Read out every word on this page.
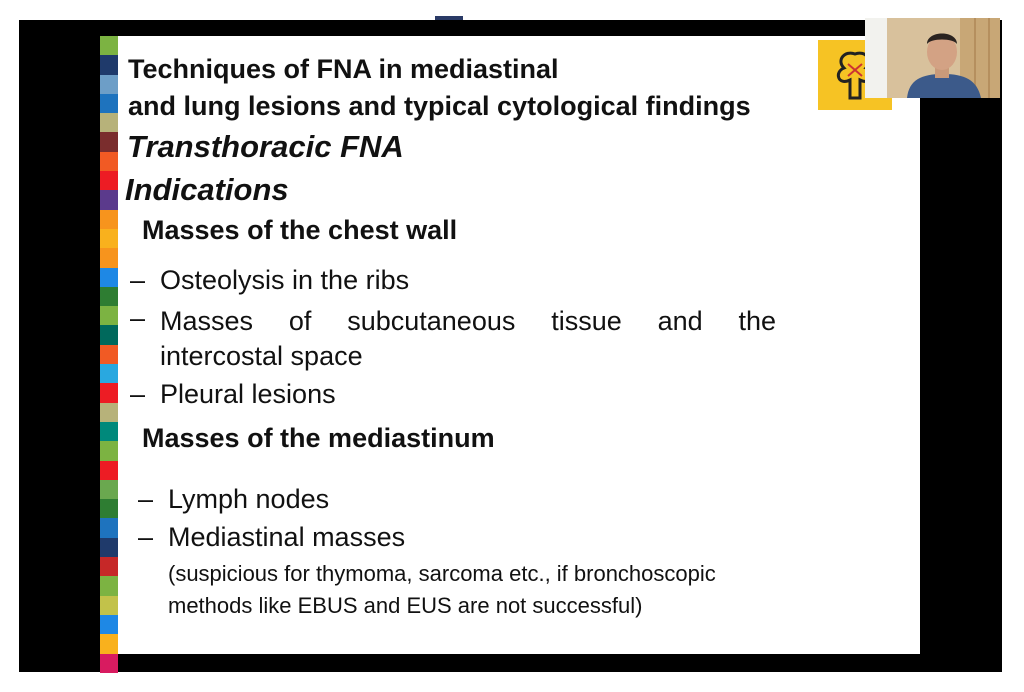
Techniques of FNA in mediastinal
and lung lesions and typical cytological findings
Transthoracic FNA
Indications
Masses of the chest wall
– Osteolysis in the ribs
– Masses of subcutaneous tissue and the
intercostal space
– Pleural lesions
Masses of the mediastinum
– Lymph nodes
– Mediastinal masses
(suspicious for thymoma, sarcoma etc., if bronchoscopic
methods like EBUS and EUS are not successful)
